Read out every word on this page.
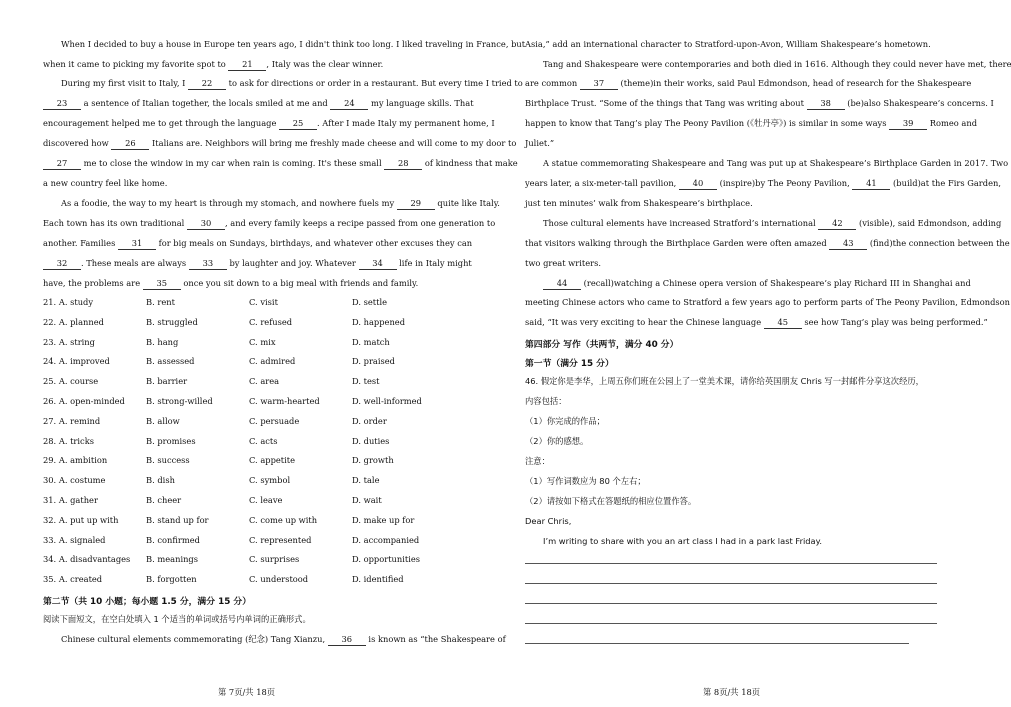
When I decided to buy a house in Europe ten years ago, I didn't think too long. I liked traveling in France, but
when it came to picking my favorite spot to 21 , Italy was the clear winner.
During my first visit to Italy, I 22 to ask for directions or order in a restaurant. But every time I tried to
23 a sentence of Italian together, the locals smiled at me and 24 my language skills. That
encouragement helped me to get through the language 25 . After I made Italy my permanent home, I
discovered how 26 Italians are. Neighbors will bring me freshly made cheese and will come to my door to
27 me to close the window in my car when rain is coming. It's these small 28 of kindness that make
a new country feel like home.
As a foodie, the way to my heart is through my stomach, and nowhere fuels my 29 quite like Italy.
Each town has its own traditional 30 , and every family keeps a recipe passed from one generation to
another. Families 31 for big meals on Sundays, birthdays, and whatever other excuses they can
32 . These meals are always 33 by laughter and joy. Whatever 34 life in Italy might
have, the problems are 35 once you sit down to a big meal with friends and family.
21. A. study	B. rent	C. visit	D. settle
22. A. planned	B. struggled	C. refused	D. happened
23. A. string	B. hang	C. mix	D. match
24. A. improved	B. assessed	C. admired	D. praised
25. A. course	B. barrier	C. area	D. test
26. A. open-minded	B. strong-willed	C. warm-hearted	D. well-informed
27. A. remind	B. allow	C. persuade	D. order
28. A. tricks	B. promises	C. acts	D. duties
29. A. ambition	B. success	C. appetite	D. growth
30. A. costume	B. dish	C. symbol	D. tale
31. A. gather	B. cheer	C. leave	D. wait
32. A. put up with	B. stand up for	C. come up with	D. make up for
33. A. signaled	B. confirmed	C. represented	D. accompanied
34. A. disadvantages B. meanings	C. surprises	D. opportunities
35. A. created	B. forgotten	C. understood	D. identified
第二节（共 10 小题；每小题 1.5 分，满分 15 分）
阅读下面短文，在空白处填入 1 个适当的单词或括号内单词的正确形式。
Chinese cultural elements commemorating (纪念) Tang Xianzu, 36 is known as “the Shakespeare of
Asia,” add an international character to Stratford-upon-Avon, William Shakespeare’s hometown.
Tang and Shakespeare were contemporaries and both died in 1616. Although they could never have met, there
are common 37 (theme)in their works, said Paul Edmondson, head of research for the Shakespeare
Birthplace Trust. “Some of the things that Tang was writing about 38 (be)also Shakespeare’s concerns. I
happen to know that Tang’s play The Peony Pavilion (《牡丹亭》) is similar in some ways 39 Romeo and
Juliet.”
A statue commemorating Shakespeare and Tang was put up at Shakespeare’s Birthplace Garden in 2017. Two
years later, a six-meter-tall pavilion, 40 (inspire)by The Peony Pavilion, 41 (build)at the Firs Garden,
just ten minutes’ walk from Shakespeare’s birthplace.
Those cultural elements have increased Stratford’s international 42 (visible), said Edmondson, adding
that visitors walking through the Birthplace Garden were often amazed 43 (find)the connection between the
two great writers.
44 (recall)watching a Chinese opera version of Shakespeare’s play Richard III in Shanghai and
meeting Chinese actors who came to Stratford a few years ago to perform parts of The Peony Pavilion, Edmondson
said, “It was very exciting to hear the Chinese language 45 see how Tang’s play was being performed.”
第四部分 写作（共两节，满分 40 分）
第一节（满分 15 分）
46. 假定你是李华，上周五你们班在公园上了一堂美术课，请你给英国朋友 Chris 写一封邮件分享这次经历，
内容包括：
（1）你完成的作品；
（2）你的感想。
注意：
（1）写作词数应为 80 个左右；
（2）请按如下格式在答题纸的相应位置作答。
Dear Chris,
I’m writing to share with you an art class I had in a park last Friday.
第 7页/共 18页	第 8页/共 18页
